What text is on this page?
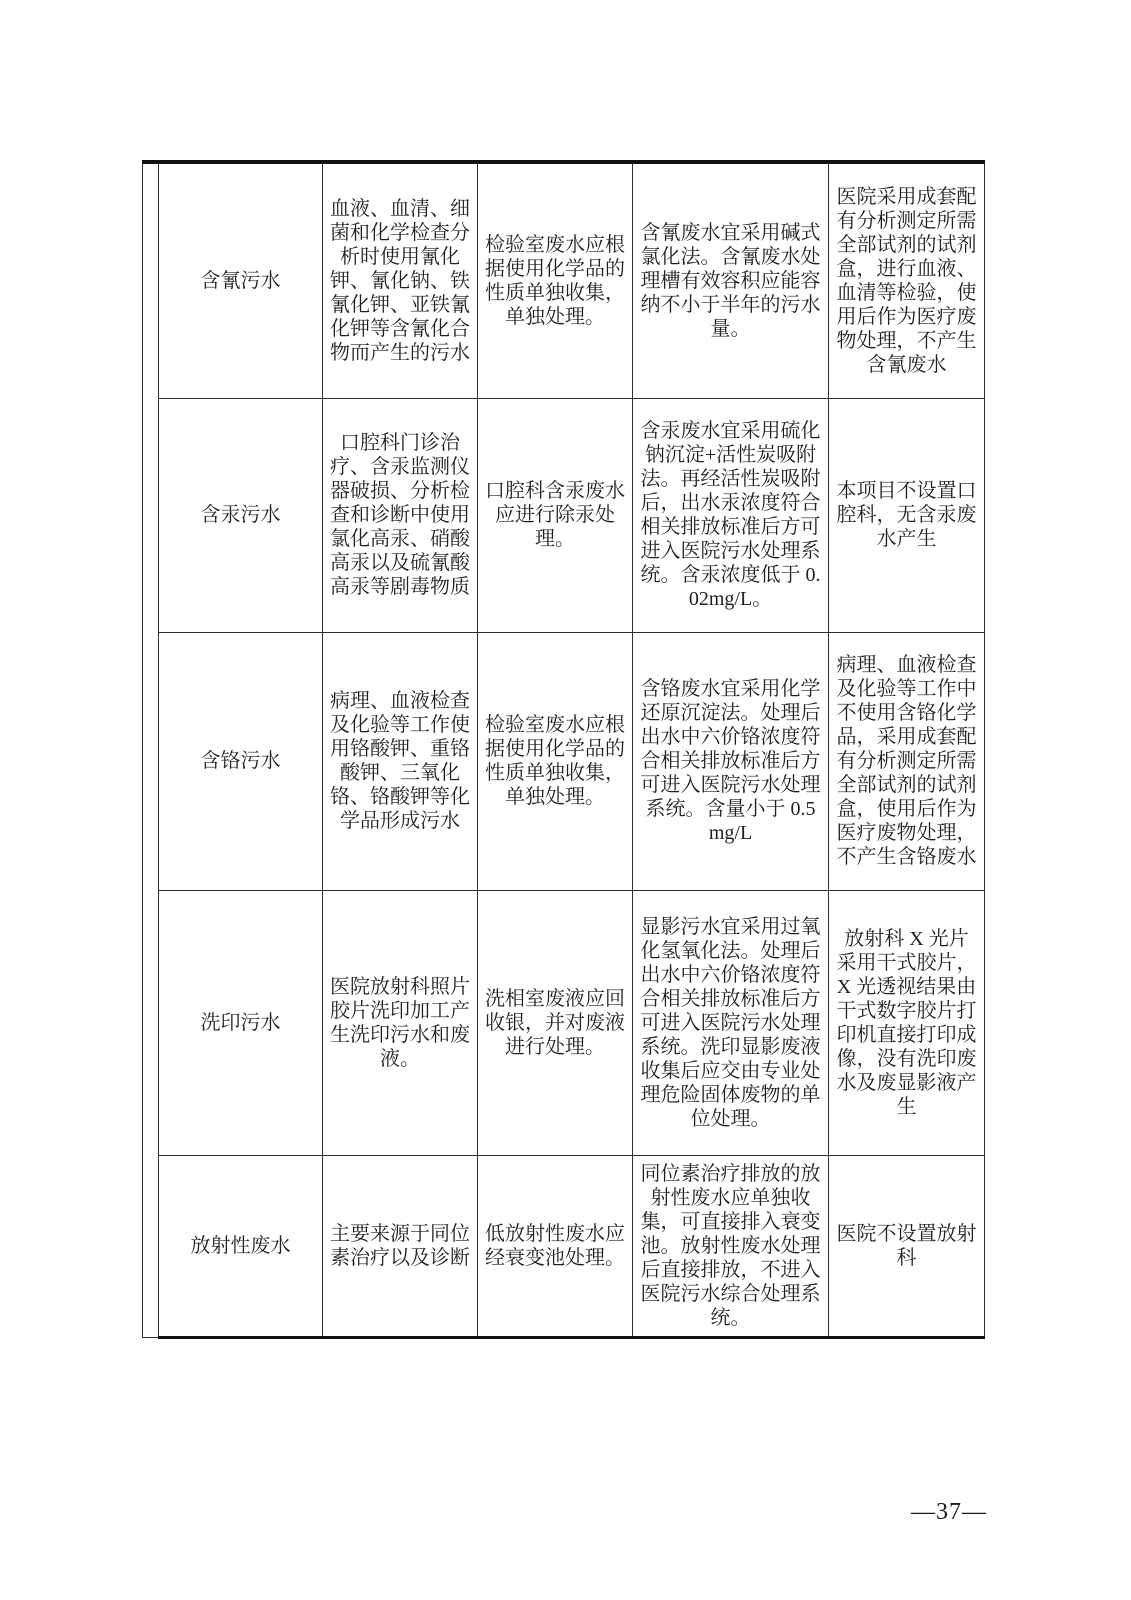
	含氰污水	血液、血清、细菌和化学检查分析时使用氰化钾、氰化钠、铁氰化钾、亚铁氰化钾等含氰化合物而产生的污水	检验室废水应根据使用化学品的性质单独收集，单独处理。	含氰废水宜采用碱式氯化法。含氰废水处理槽有效容积应能容纳不小于半年的污水量。	医院采用成套配有分析测定所需全部试剂的试剂盒，进行血液、血清等检验，使用后作为医疗废物处理，不产生含氰废水
	含汞污水	口腔科门诊治疗、含汞监测仪器破损、分析检查和诊断中使用氯化高汞、硝酸高汞以及硫氰酸高汞等剧毒物质	口腔科含汞废水应进行除汞处理。	含汞废水宜采用硫化钠沉淀+活性炭吸附法。再经活性炭吸附后，出水汞浓度符合相关排放标准后方可进入医院污水处理系统。含汞浓度低于 0.02mg/L。	本项目不设置口腔科，无含汞废水产生
	含铬污水	病理、血液检查及化验等工作使用铬酸钾、重铬酸钾、三氧化铬、铬酸钾等化学品形成污水	检验室废水应根据使用化学品的性质单独收集，单独处理。	含铬废水宜采用化学还原沉淀法。处理后出水中六价铬浓度符合相关排放标准后方可进入医院污水处理系统。含量小于 0.5mg/L	病理、血液检查及化验等工作中不使用含铬化学品，采用成套配有分析测定所需全部试剂的试剂盒，使用后作为医疗废物处理，不产生含铬废水
	洗印污水	医院放射科照片胶片洗印加工产生洗印污水和废液。	洗相室废液应回收银，并对废液进行处理。	显影污水宜采用过氧化氢氧化法。处理后出水中六价铬浓度符合相关排放标准后方可进入医院污水处理系统。洗印显影废液收集后应交由专业处理危险固体废物的单位处理。	放射科 X 光片采用干式胶片，X 光透视结果由干式数字胶片打印机直接打印成像，没有洗印废水及废显影液产生
	放射性废水	主要来源于同位素治疗以及诊断	低放射性废水应经衰变池处理。	同位素治疗排放的放射性废水应单独收集，可直接排入衰变池。放射性废水处理后直接排放，不进入医院污水综合处理系统。	医院不设置放射科
—37—
